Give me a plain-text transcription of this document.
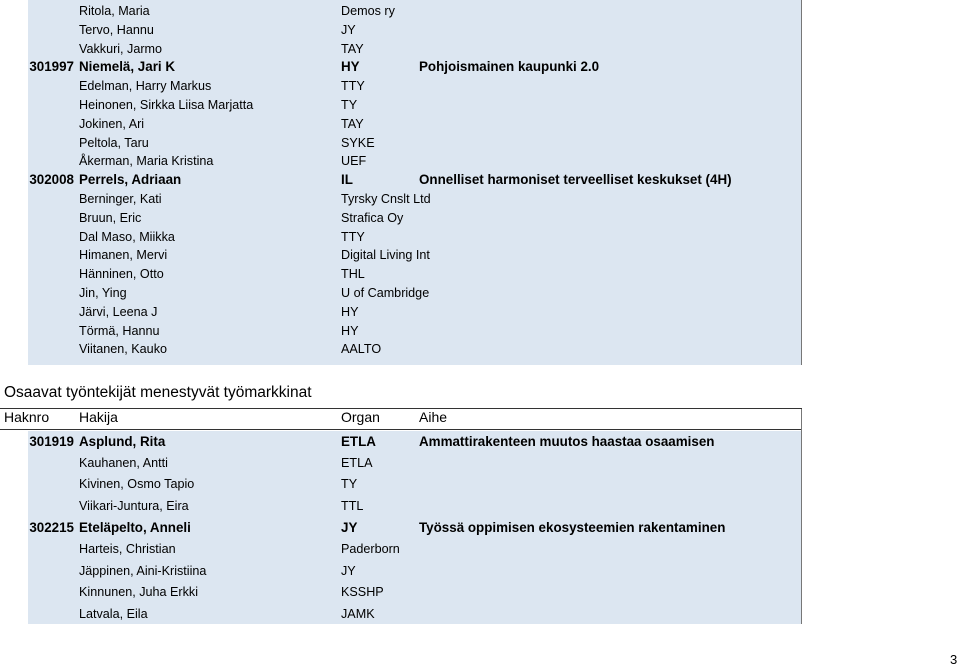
Ritola, Maria	Demos ry
Tervo, Hannu	JY
Vakkuri, Jarmo	TAY
301997 Niemelä, Jari K	HY	Pohjoismainen kaupunki 2.0
Edelman, Harry Markus	TTY
Heinonen, Sirkka Liisa Marjatta	TY
Jokinen, Ari	TAY
Peltola, Taru	SYKE
Åkerman, Maria Kristina	UEF
302008 Perrels, Adriaan	IL	Onnelliset harmoniset terveelliset keskukset (4H)
Berninger, Kati	Tyrsky Cnslt Ltd
Bruun, Eric	Strafica Oy
Dal Maso, Miikka	TTY
Himanen, Mervi	Digital Living Int
Hänninen, Otto	THL
Jin, Ying	U of Cambridge
Järvi, Leena J	HY
Törmä, Hannu	HY
Viitanen, Kauko	AALTO
Osaavat työntekijät menestyvät työmarkkinat
Haknro Hakija	Organ	Aihe
301919 Asplund, Rita	ETLA	Ammattirakenteen muutos haastaa osaamisen
Kauhanen, Antti	ETLA
Kivinen, Osmo Tapio	TY
Viikari-Juntura, Eira	TTL
302215 Eteläpelto, Anneli	JY	Työssä oppimisen ekosysteemien rakentaminen
Harteis, Christian	Paderborn
Jäppinen, Aini-Kristiina	JY
Kinnunen, Juha Erkki	KSSHP
Latvala, Eila	JAMK
3
